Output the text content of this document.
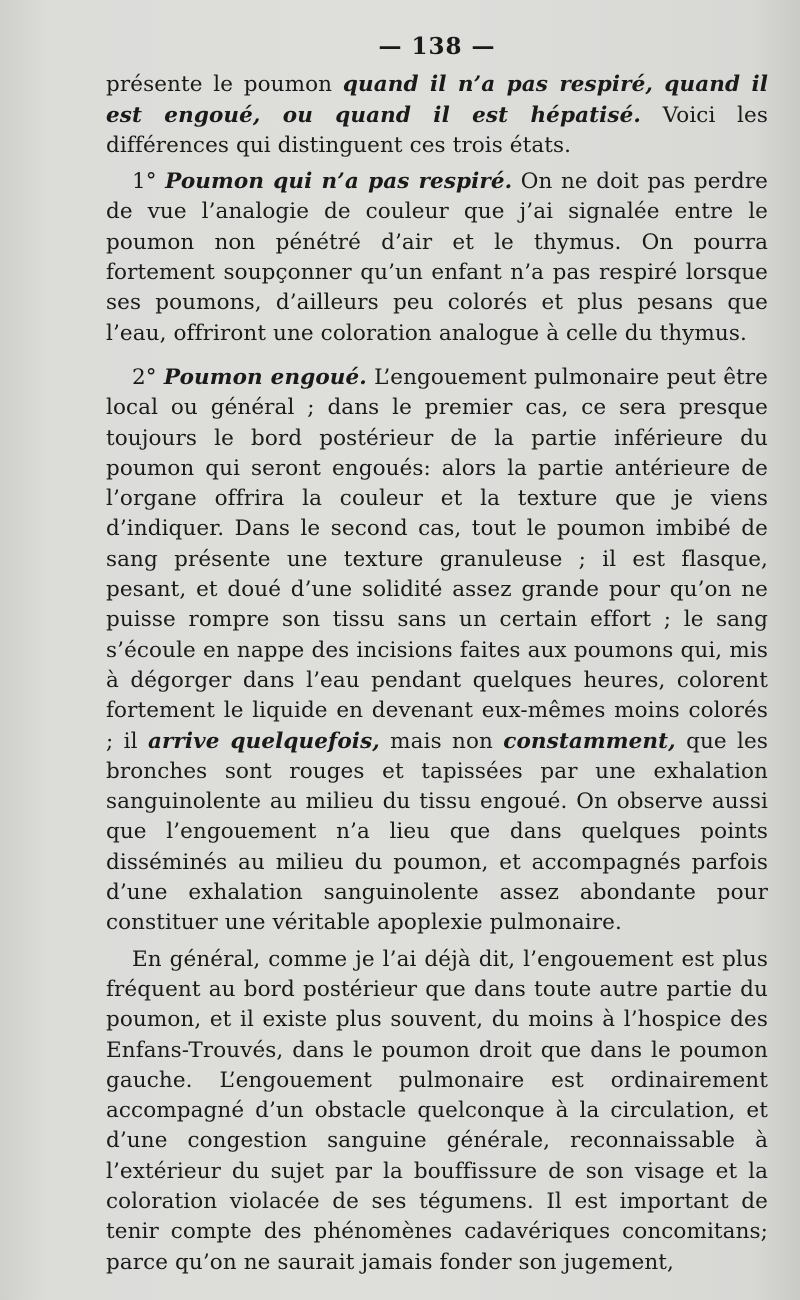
— 138 —

présente le poumon quand il n’a pas respiré, quand il est engoué, ou quand il est hépatisé. Voici les différences qui distinguent ces trois états.

1° Poumon qui n’a pas respiré. On ne doit pas perdre de vue l’analogie de couleur que j’ai signalée entre le poumon non pénétré d’air et le thymus. On pourra fortement soupçonner qu’un enfant n’a pas respiré lorsque ses poumons, d’ailleurs peu colorés et plus pesans que l’eau, offriront une coloration analogue à celle du thymus.

2° Poumon engoué. L’engouement pulmonaire peut être local ou général ; dans le premier cas, ce sera presque toujours le bord postérieur de la partie inférieure du poumon qui seront engoués: alors la partie antérieure de l’organe offrira la couleur et la texture que je viens d’indiquer. Dans le second cas, tout le poumon imbibé de sang présente une texture granuleuse ; il est flasque, pesant, et doué d’une solidité assez grande pour qu’on ne puisse rompre son tissu sans un certain effort ; le sang s’écoule en nappe des incisions faites aux poumons qui, mis à dégorger dans l’eau pendant quelques heures, colorent fortement le liquide en devenant eux-mêmes moins colorés ; il arrive quelquefois, mais non constamment, que les bronches sont rouges et tapissées par une exhalation sanguinolente au milieu du tissu engoué. On observe aussi que l’engouement n’a lieu que dans quelques points disséminés au milieu du poumon, et accompagnés parfois d’une exhalation sanguinolente assez abondante pour constituer une véritable apoplexie pulmonaire.

En général, comme je l’ai déjà dit, l’engouement est plus fréquent au bord postérieur que dans toute autre partie du poumon, et il existe plus souvent, du moins à l’hospice des Enfans-Trouvés, dans le poumon droit que dans le poumon gauche. L’engouement pulmonaire est ordinairement accompagné d’un obstacle quelconque à la circulation, et d’une congestion sanguine générale, reconnaissable à l’extérieur du sujet par la bouffissure de son visage et la coloration violacée de ses tégumens. Il est important de tenir compte des phénomènes cadavériques concomitans; parce qu’on ne saurait jamais fonder son jugement,
